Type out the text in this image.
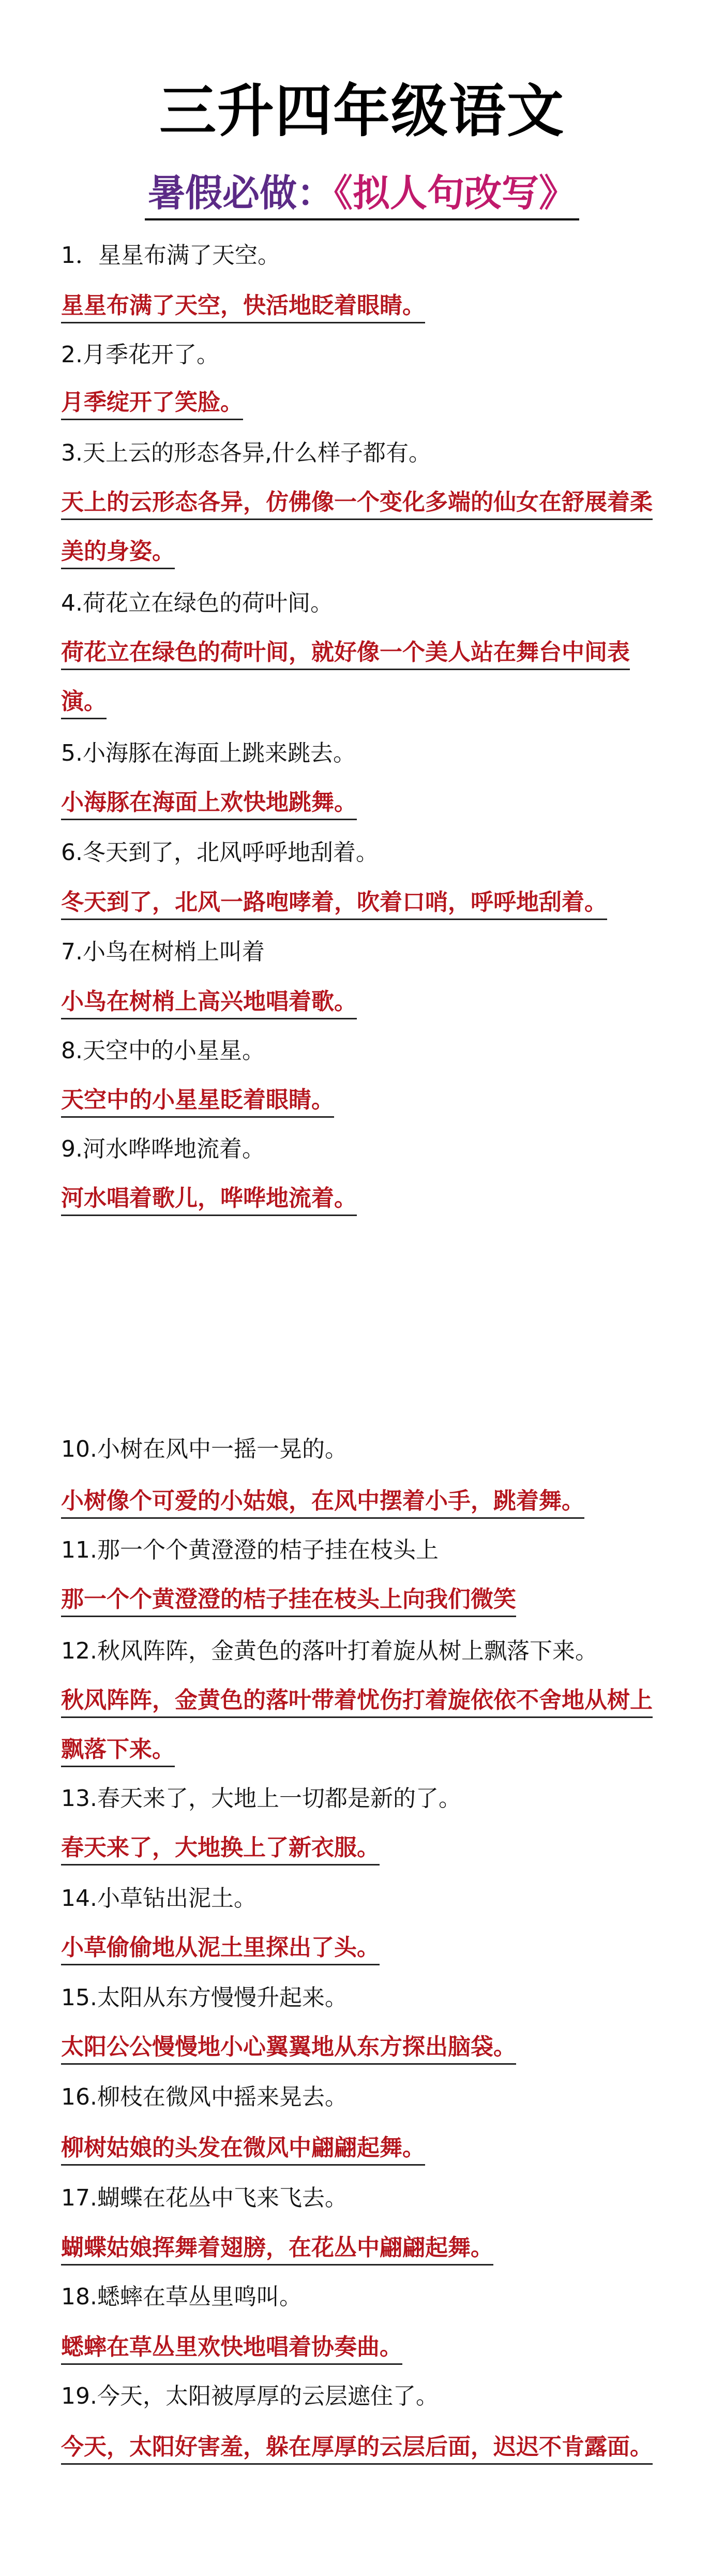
三升四年级语文
暑假必做：《拟人句改写》
1．星星布满了天空。
星星布满了天空，快活地眨着眼睛。
2.月季花开了。
月季绽开了笑脸。
3.天上云的形态各异,什么样子都有。
天上的云形态各异，仿佛像一个变化多端的仙女在舒展着柔
美的身姿。
4.荷花立在绿色的荷叶间。
荷花立在绿色的荷叶间，就好像一个美人站在舞台中间表
演。
5.小海豚在海面上跳来跳去。
小海豚在海面上欢快地跳舞。
6.冬天到了，北风呼呼地刮着。
冬天到了，北风一路咆哮着，吹着口哨，呼呼地刮着。
7.小鸟在树梢上叫着
小鸟在树梢上高兴地唱着歌。
8.天空中的小星星。
天空中的小星星眨着眼睛。
9.河水哗哗地流着。
河水唱着歌儿，哗哗地流着。
10.小树在风中一摇一晃的。
小树像个可爱的小姑娘，在风中摆着小手，跳着舞。
11.那一个个黄澄澄的桔子挂在枝头上
那一个个黄澄澄的桔子挂在枝头上向我们微笑
12.秋风阵阵，金黄色的落叶打着旋从树上飘落下来。
秋风阵阵，金黄色的落叶带着忧伤打着旋依依不舍地从树上
飘落下来。
13.春天来了，大地上一切都是新的了。
春天来了，大地换上了新衣服。
14.小草钻出泥土。
小草偷偷地从泥土里探出了头。
15.太阳从东方慢慢升起来。
太阳公公慢慢地小心翼翼地从东方探出脑袋。
16.柳枝在微风中摇来晃去。
柳树姑娘的头发在微风中翩翩起舞。
17.蝴蝶在花丛中飞来飞去。
蝴蝶姑娘挥舞着翅膀，在花丛中翩翩起舞。
18.蟋蟀在草丛里鸣叫。
蟋蟀在草丛里欢快地唱着协奏曲。
19.今天，太阳被厚厚的云层遮住了。
今天，太阳好害羞，躲在厚厚的云层后面，迟迟不肯露面。
